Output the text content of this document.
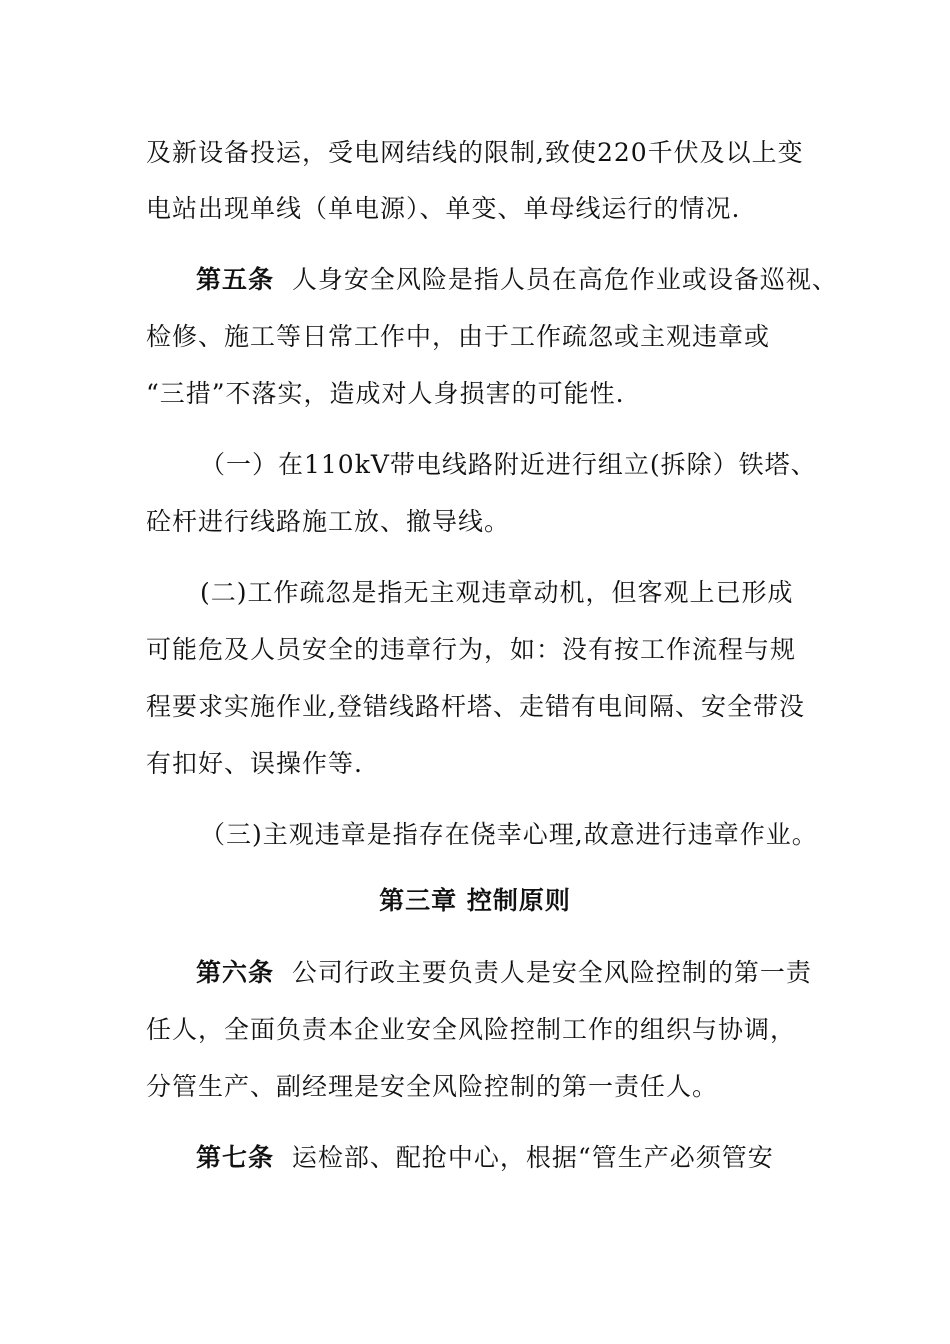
及新设备投运，受电网结线的限制,致使220千伏及以上变
电站出现单线（单电源）、单变、单母线运行的情况.
第五条 人身安全风险是指人员在高危作业或设备巡视、
检修、施工等日常工作中，由于工作疏忽或主观违章或
“三措”不落实，造成对人身损害的可能性.
（一）在110kV带电线路附近进行组立(拆除）铁塔、
砼杆进行线路施工放、撤导线。
(二)工作疏忽是指无主观违章动机，但客观上已形成
可能危及人员安全的违章行为，如：没有按工作流程与规
程要求实施作业,登错线路杆塔、走错有电间隔、安全带没
有扣好、误操作等.
（三)主观违章是指存在侥幸心理,故意进行违章作业。
第三章 控制原则
第六条 公司行政主要负责人是安全风险控制的第一责
任人，全面负责本企业安全风险控制工作的组织与协调，
分管生产、副经理是安全风险控制的第一责任人。
第七条 运检部、配抢中心，根据“管生产必须管安
